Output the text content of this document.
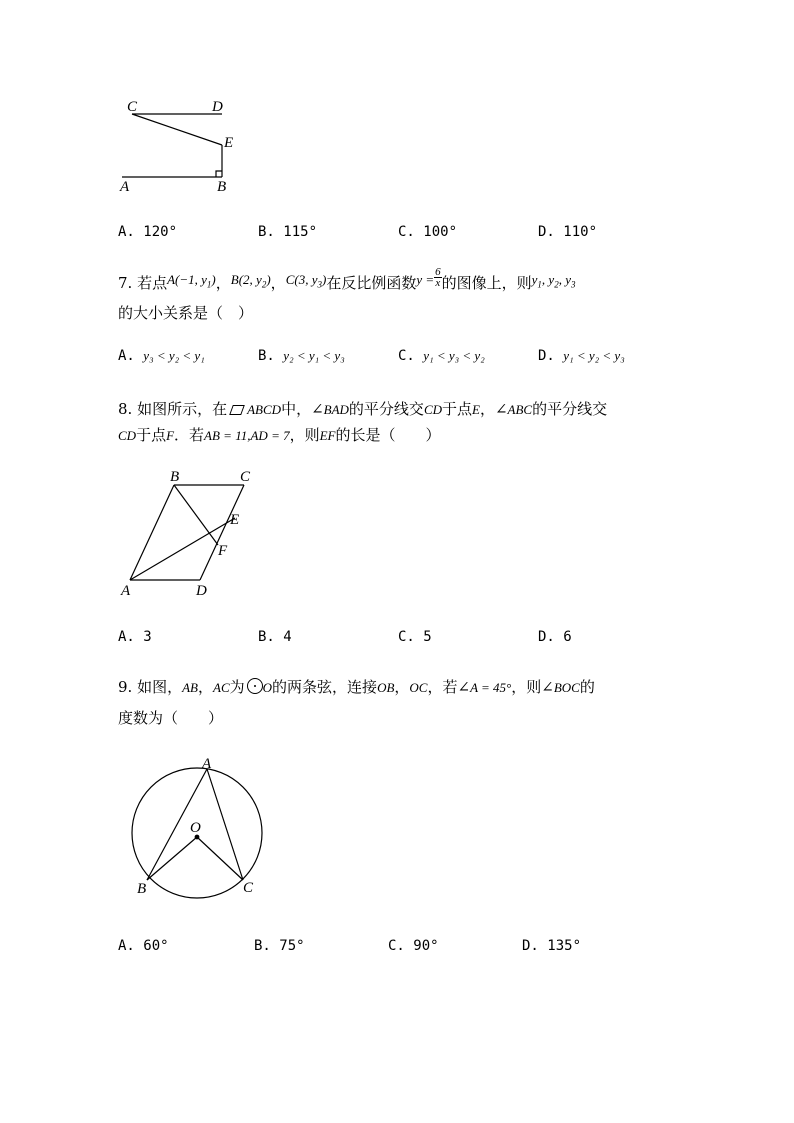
C	D
E
A	B
A. 120°	B. 115°	C. 100°	D. 110°
7. 若点A(−1, $y_1$)，B(2, $y_2$)，C(3, $y_3$)在反比例函数$y = \frac{6}{x}$ 的图像上，则$y_1$, $y_2$, $y_3$
的大小关系是（　）
A. y₃ < y₂ < y₁	B. y₂ < y₁ < y₃	C. y₁ < y₃ < y₂	D. y₁ < y₂ < y₃
8. 如图所示，在 ABCD中，∠BAD的平分线交CD于点E，∠ABC的平分线交
CD于点F．若AB = 11,AD = 7，则EF的长是（　　）
B	C
E
F
A	D
A. 3	B. 4	C. 5	D. 6
9. 如图，AB，AC为 O的两条弦，连接OB，OC，若∠A = 45°，则∠BOC的
度数为（　　）
A
O
B	C
A. 60°	B. 75°	C. 90°	D. 135°
